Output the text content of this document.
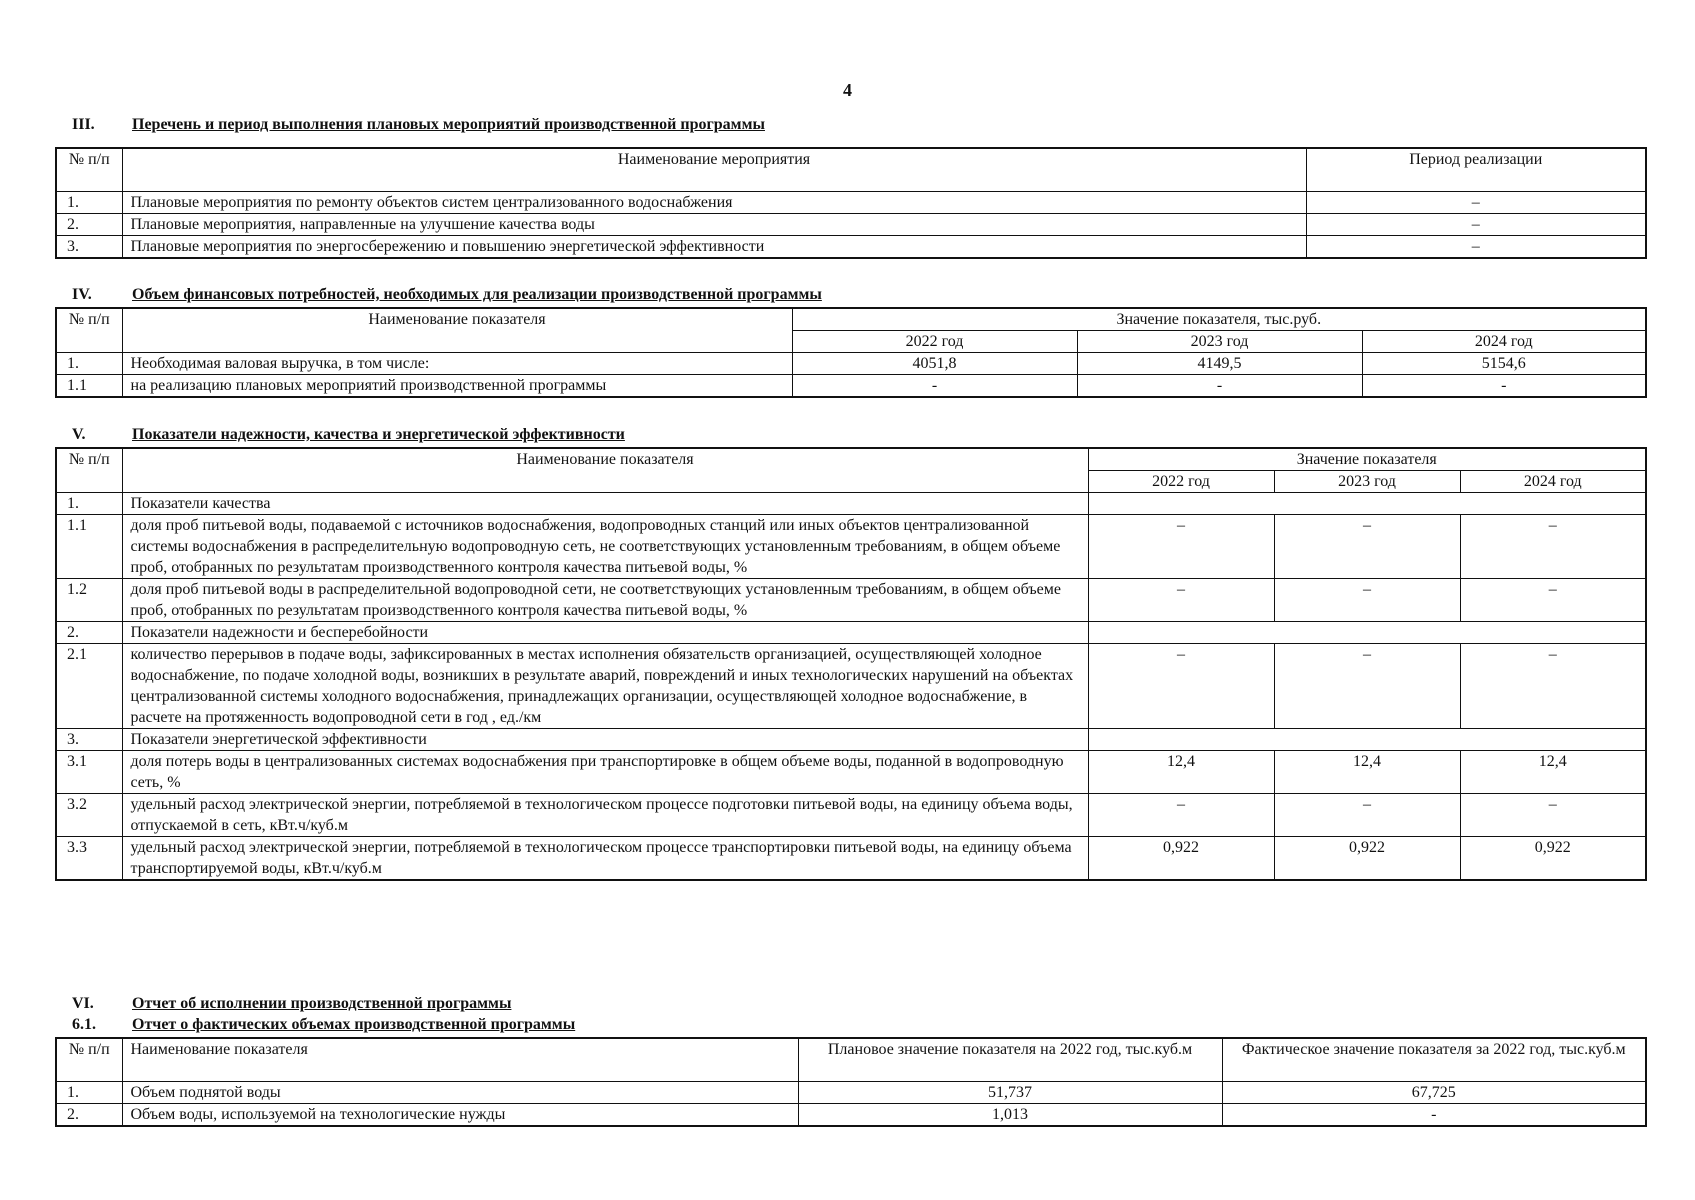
4
III. Перечень и период выполнения плановых мероприятий производственной программы
№ п/п	Наименование мероприятия	Период реализации
1.	Плановые мероприятия по ремонту объектов систем централизованного водоснабжения	–
2.	Плановые мероприятия, направленные на улучшение качества воды	–
3.	Плановые мероприятия по энергосбережению и повышению энергетической эффективности	–
IV.	Объем финансовых потребностей, необходимых для реализации производственной программы
№ п/п	Наименование показателя	Значение показателя, тыс.руб.		
		2022 год	2023 год	2024 год
1.	Необходимая валовая выручка, в том числе:	4051,8	4149,5	5154,6
1.1	на реализацию плановых мероприятий производственной программы	-	-	-
V.	Показатели надежности, качества и энергетической эффективности
№ п/п	Наименование показателя	Значение показателя		
		2022 год	2023 год	2024 год
1.	Показатели качества			
1.1	доля проб питьевой воды, подаваемой с источников водоснабжения, водопроводных станций или иных объектов централизованной системы водоснабжения в распределительную водопроводную сеть, не соответствующих установленным требованиям, в общем объеме проб, отобранных по результатам производственного контроля качества питьевой воды, %	–	–	–
1.2	доля проб питьевой воды в распределительной водопроводной сети, не соответствующих установленным требованиям, в общем объеме проб, отобранных по результатам производственного контроля качества питьевой воды, %	–	–	–
2.	Показатели надежности и бесперебойности			
2.1	количество перерывов в подаче воды, зафиксированных в местах исполнения обязательств организацией, осуществляющей холодное водоснабжение, по подаче холодной воды, возникших в результате аварий, повреждений и иных технологических нарушений на объектах централизованной системы холодного водоснабжения, принадлежащих организации, осуществляющей холодное водоснабжение, в расчете на протяженность водопроводной сети в год , ед./км	–	–	–
3.	Показатели энергетической эффективности			
3.1	доля потерь воды в централизованных системах водоснабжения при транспортировке в общем объеме воды, поданной в водопроводную сеть, %	12,4	12,4	12,4
3.2	удельный расход электрической энергии, потребляемой в технологическом процессе подготовки питьевой воды, на единицу объема воды, отпускаемой в сеть, кВт.ч/куб.м	–	–	–
3.3	удельный расход электрической энергии, потребляемой в технологическом процессе транспортировки питьевой воды, на единицу объема транспортируемой воды, кВт.ч/куб.м	0,922	0,922	0,922
VI. Отчет об исполнении производственной программы
6.1. Отчет о фактических объемах производственной программы
№ п/п	Наименование показателя	Плановое значение показателя на 2022 год, тыс.куб.м	Фактическое значение показателя за 2022 год, тыс.куб.м
1.	Объем поднятой воды	51,737	67,725
2.	Объем воды, используемой на технологические нужды	1,013	-
